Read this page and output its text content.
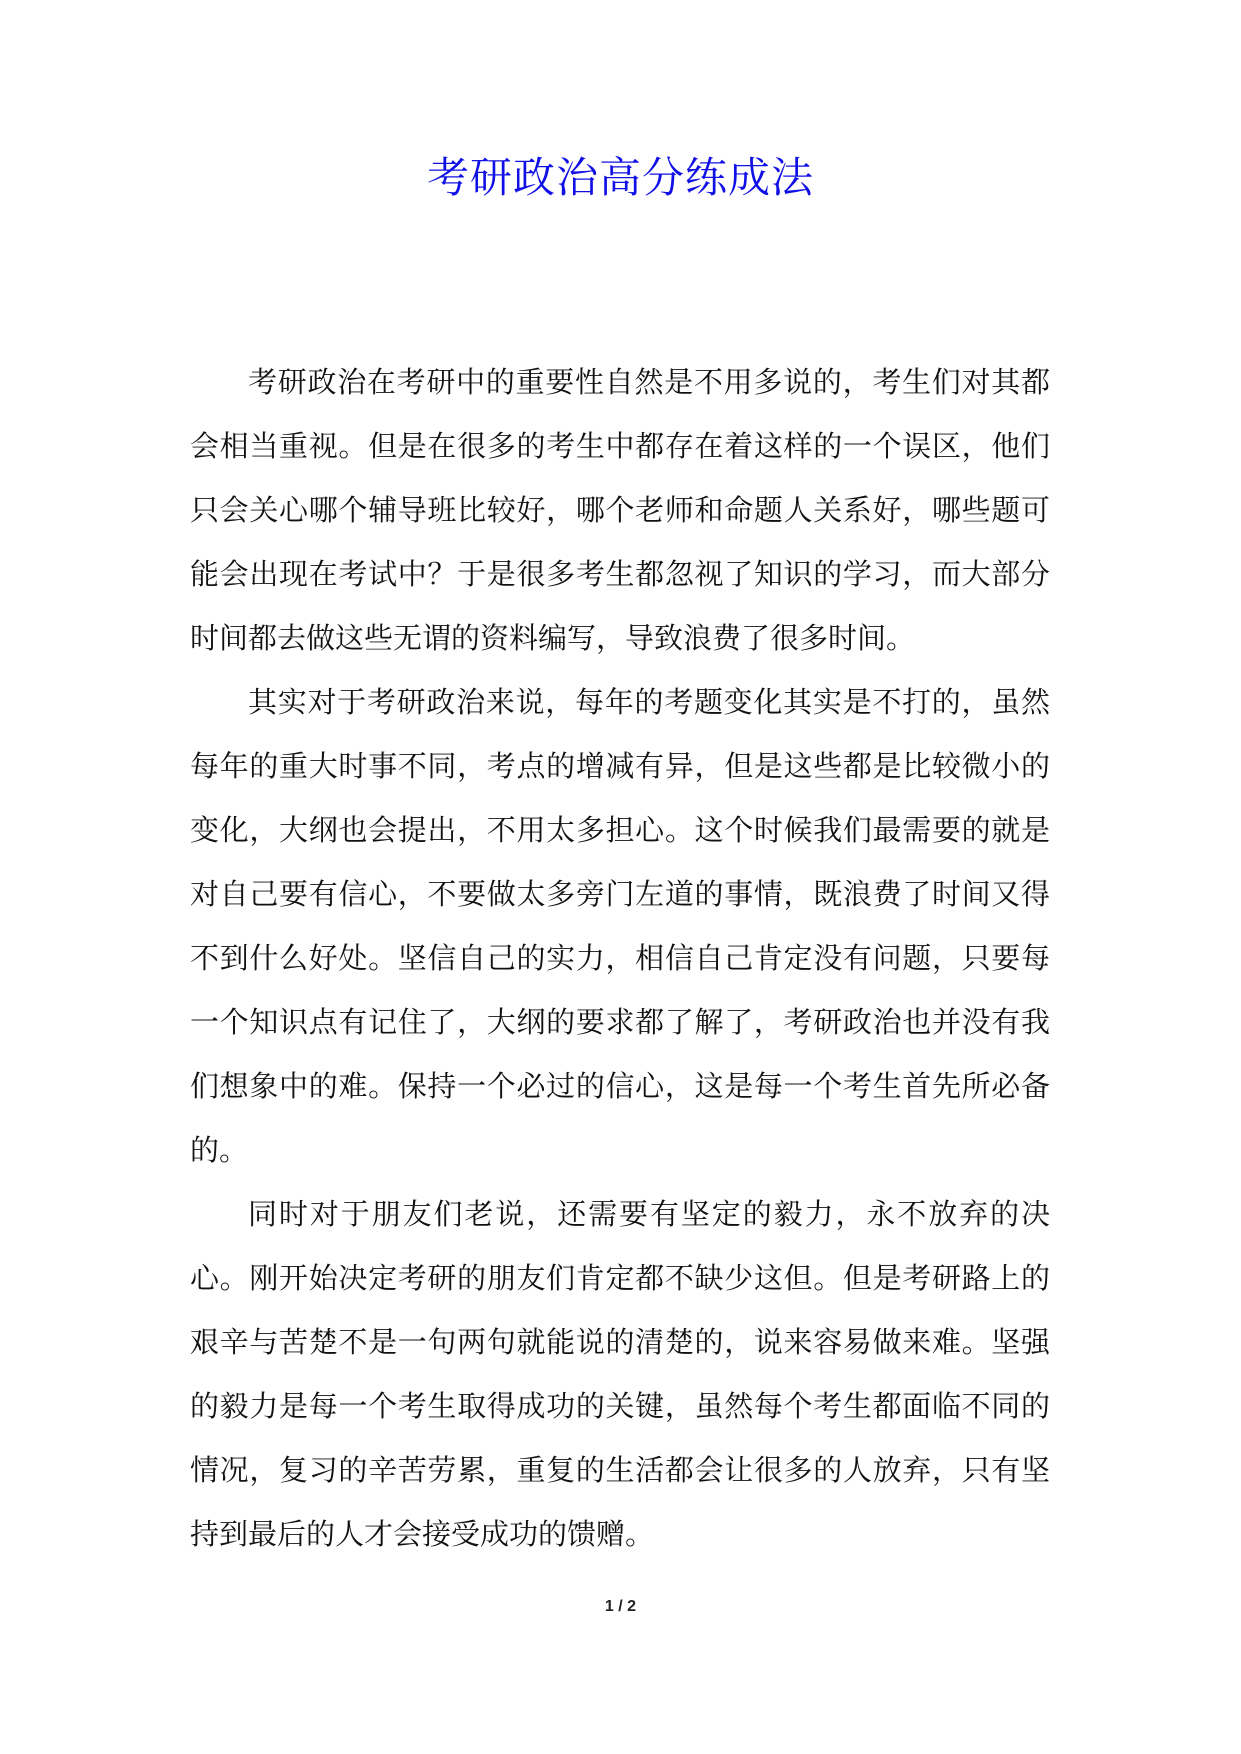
考研政治高分练成法

考研政治在考研中的重要性自然是不用多说的，考生们对其都会相当重视。但是在很多的考生中都存在着这样的一个误区，他们只会关心哪个辅导班比较好，哪个老师和命题人关系好，哪些题可能会出现在考试中？于是很多考生都忽视了知识的学习，而大部分时间都去做这些无谓的资料编写，导致浪费了很多时间。

其实对于考研政治来说，每年的考题变化其实是不打的，虽然每年的重大时事不同，考点的增减有异，但是这些都是比较微小的变化，大纲也会提出，不用太多担心。这个时候我们最需要的就是对自己要有信心，不要做太多旁门左道的事情，既浪费了时间又得不到什么好处。坚信自己的实力，相信自己肯定没有问题，只要每一个知识点有记住了，大纲的要求都了解了，考研政治也并没有我们想象中的难。保持一个必过的信心，这是每一个考生首先所必备的。

同时对于朋友们老说，还需要有坚定的毅力，永不放弃的决心。刚开始决定考研的朋友们肯定都不缺少这但。但是考研路上的艰辛与苦楚不是一句两句就能说的清楚的，说来容易做来难。坚强的毅力是每一个考生取得成功的关键，虽然每个考生都面临不同的情况，复习的辛苦劳累，重复的生活都会让很多的人放弃，只有坚持到最后的人才会接受成功的馈赠。

1 / 2
